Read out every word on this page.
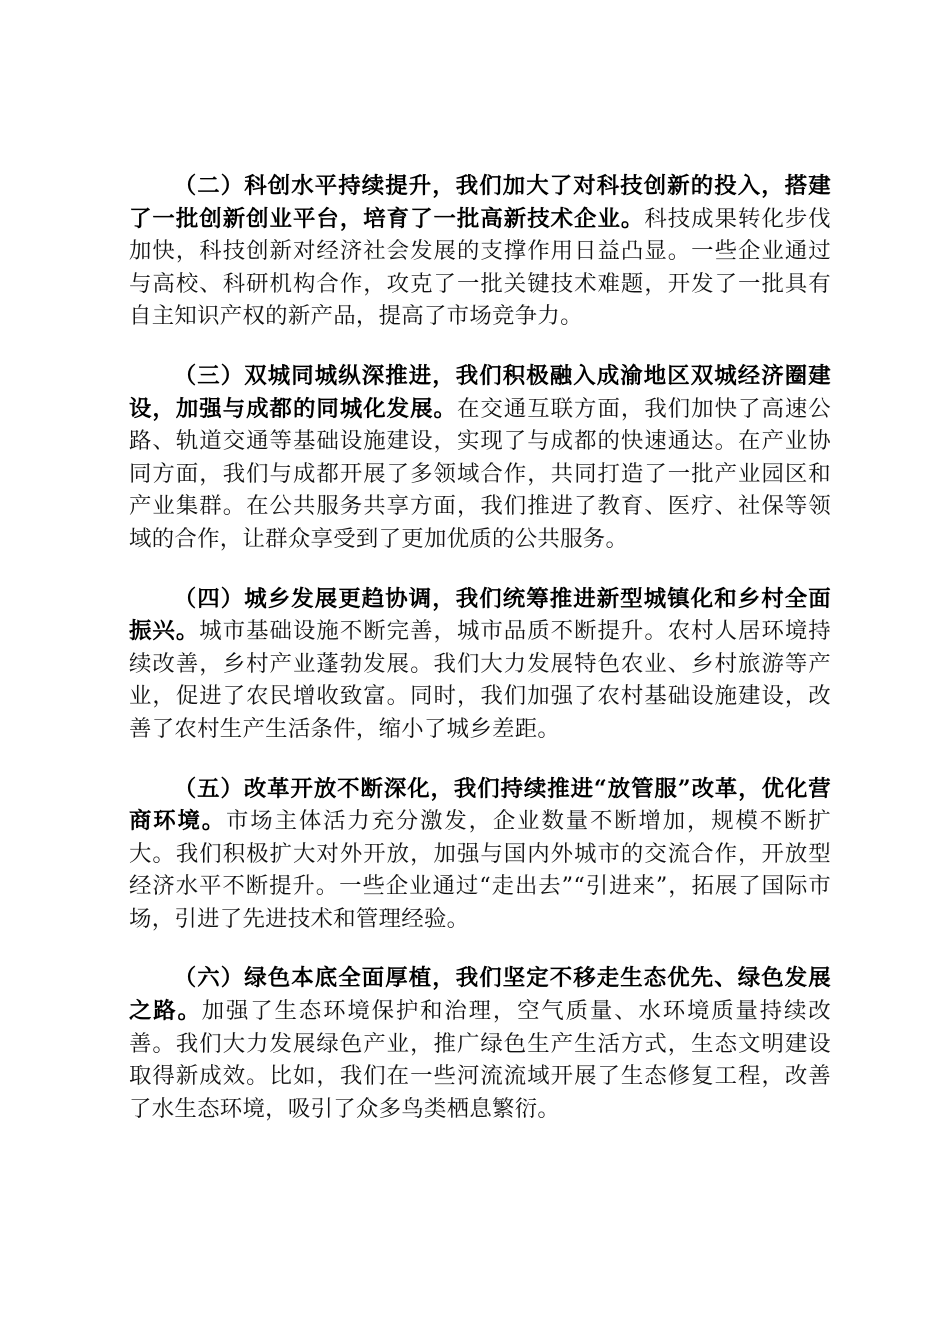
（二）科创水平持续提升，我们加大了对科技创新的投入，搭建了一批创新创业平台，培育了一批高新技术企业。科技成果转化步伐加快，科技创新对经济社会发展的支撑作用日益凸显。一些企业通过与高校、科研机构合作，攻克了一批关键技术难题，开发了一批具有自主知识产权的新产品，提高了市场竞争力。

（三）双城同城纵深推进，我们积极融入成渝地区双城经济圈建设，加强与成都的同城化发展。在交通互联方面，我们加快了高速公路、轨道交通等基础设施建设，实现了与成都的快速通达。在产业协同方面，我们与成都开展了多领域合作，共同打造了一批产业园区和产业集群。在公共服务共享方面，我们推进了教育、医疗、社保等领域的合作，让群众享受到了更加优质的公共服务。

（四）城乡发展更趋协调，我们统筹推进新型城镇化和乡村全面振兴。城市基础设施不断完善，城市品质不断提升。农村人居环境持续改善，乡村产业蓬勃发展。我们大力发展特色农业、乡村旅游等产业，促进了农民增收致富。同时，我们加强了农村基础设施建设，改善了农村生产生活条件，缩小了城乡差距。

（五）改革开放不断深化，我们持续推进“放管服”改革，优化营商环境。市场主体活力充分激发，企业数量不断增加，规模不断扩大。我们积极扩大对外开放，加强与国内外城市的交流合作，开放型经济水平不断提升。一些企业通过“走出去”“引进来”，拓展了国际市场，引进了先进技术和管理经验。

（六）绿色本底全面厚植，我们坚定不移走生态优先、绿色发展之路。加强了生态环境保护和治理，空气质量、水环境质量持续改善。我们大力发展绿色产业，推广绿色生产生活方式，生态文明建设取得新成效。比如，我们在一些河流流域开展了生态修复工程，改善了水生态环境，吸引了众多鸟类栖息繁衍。
